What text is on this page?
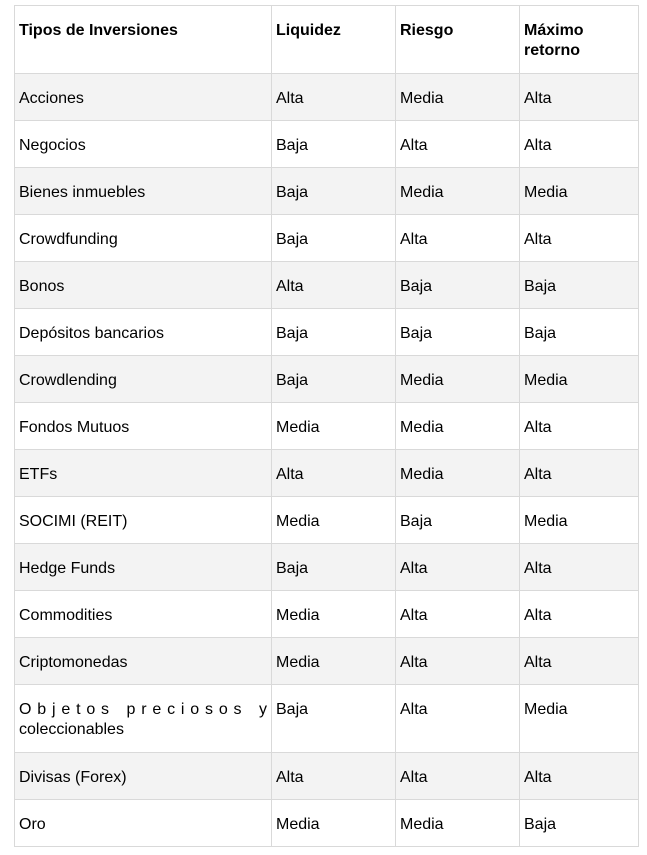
Tipos de Inversiones	Liquidez	Riesgo	Máximo retorno

Acciones	Alta	Media	Alta

Negocios	Baja	Alta	Alta

Bienes inmuebles	Baja	Media	Media

Crowdfunding	Baja	Alta	Alta

Bonos	Alta	Baja	Baja

Depósitos bancarios	Baja	Baja	Baja

Crowdlending	Baja	Media	Media

Fondos Mutuos	Media	Media	Alta

ETFs	Alta	Media	Alta

SOCIMI (REIT)	Media	Baja	Media

Hedge Funds	Baja	Alta	Alta

Commodities	Media	Alta	Alta

Criptomonedas	Media	Alta	Alta

O b j e t o s   p r e c i o s o s   y coleccionables	Baja	Alta	Media

Divisas (Forex)	Alta	Alta	Alta

Oro	Media	Media	Baja
